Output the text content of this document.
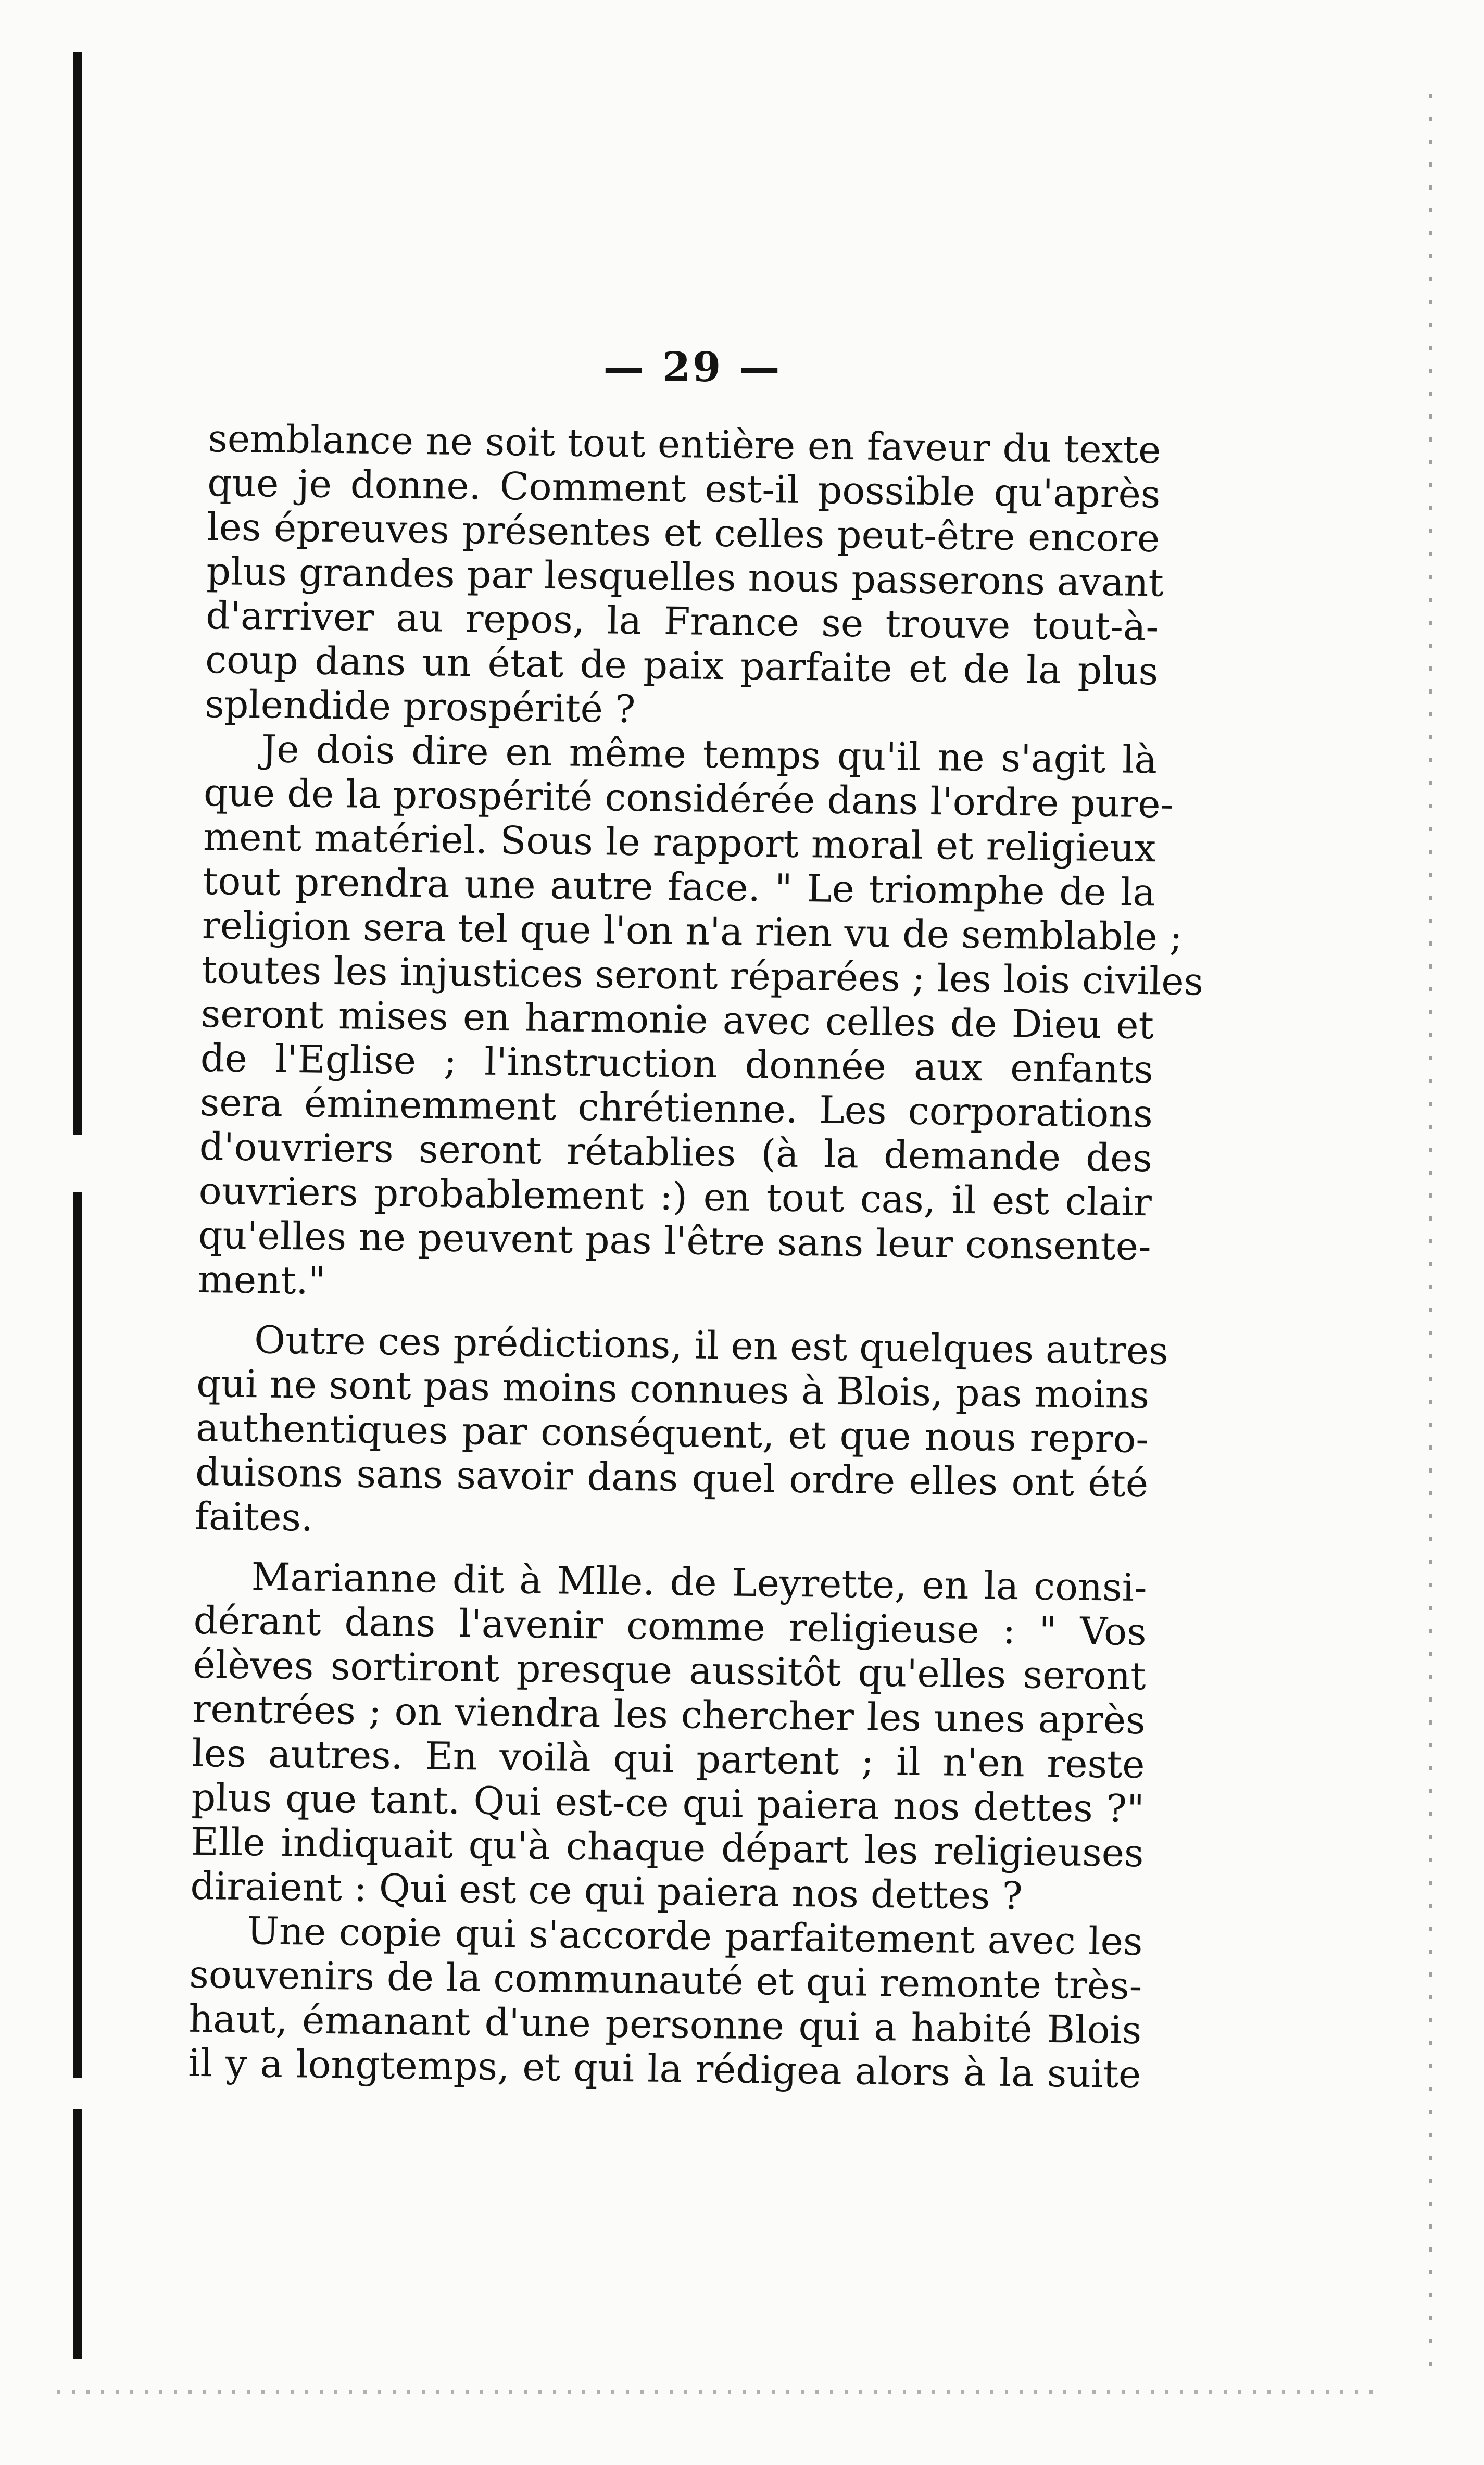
— 29 —

semblance ne soit tout entière en faveur du texte
que je donne. Comment est-il possible qu'après
les épreuves présentes et celles peut-être encore
plus grandes par lesquelles nous passerons avant
d'arriver au repos, la France se trouve tout-à-
coup dans un état de paix parfaite et de la plus
splendide prospérité ?

Je dois dire en même temps qu'il ne s'agit là
que de la prospérité considérée dans l'ordre pure-
ment matériel. Sous le rapport moral et religieux
tout prendra une autre face. " Le triomphe de la
religion sera tel que l'on n'a rien vu de semblable ;
toutes les injustices seront réparées ; les lois civiles
seront mises en harmonie avec celles de Dieu et
de l'Eglise ; l'instruction donnée aux enfants
sera éminemment chrétienne. Les corporations
d'ouvriers seront rétablies (à la demande des
ouvriers probablement :) en tout cas, il est clair
qu'elles ne peuvent pas l'être sans leur consente-
ment."

Outre ces prédictions, il en est quelques autres
qui ne sont pas moins connues à Blois, pas moins
authentiques par conséquent, et que nous repro-
duisons sans savoir dans quel ordre elles ont été
faites.

Marianne dit à Mlle. de Leyrette, en la consi-
dérant dans l'avenir comme religieuse : " Vos
élèves sortiront presque aussitôt qu'elles seront
rentrées ; on viendra les chercher les unes après
les autres. En voilà qui partent ; il n'en reste
plus que tant. Qui est-ce qui paiera nos dettes ?"
Elle indiquait qu'à chaque départ les religieuses
diraient : Qui est ce qui paiera nos dettes ?

Une copie qui s'accorde parfaitement avec les
souvenirs de la communauté et qui remonte très-
haut, émanant d'une personne qui a habité Blois
il y a longtemps, et qui la rédigea alors à la suite
